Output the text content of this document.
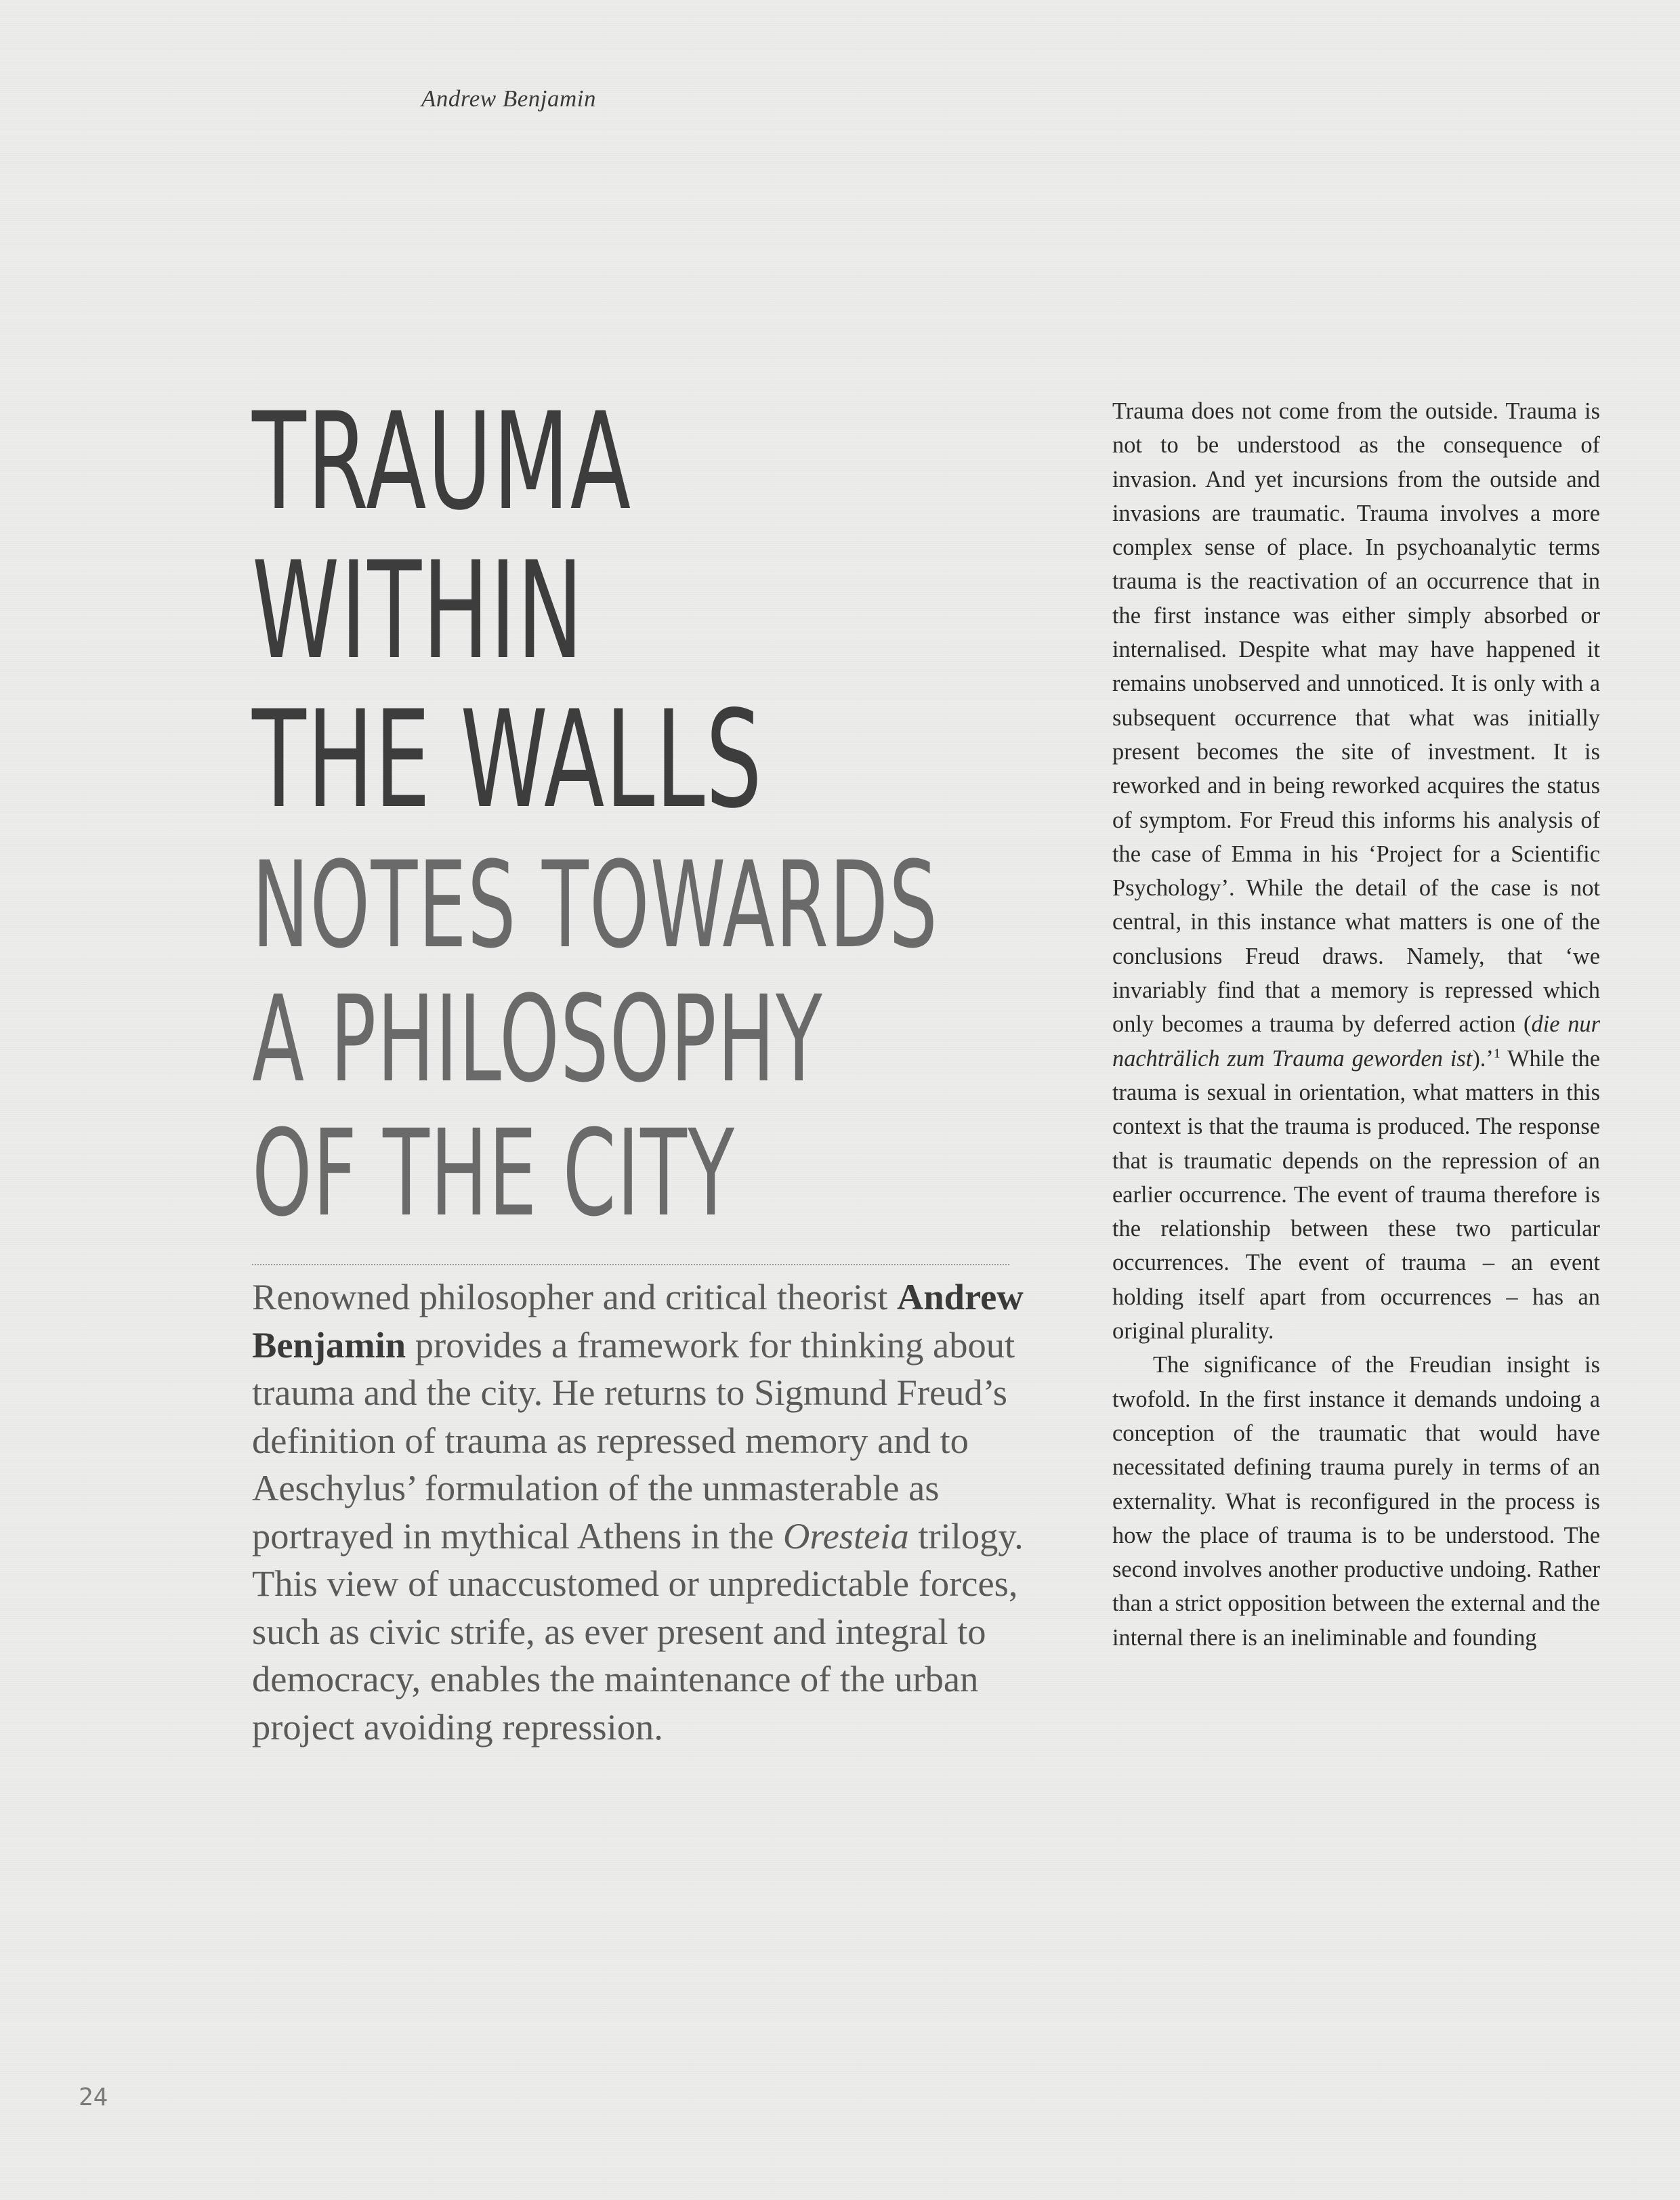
Andrew Benjamin
TRAUMA
WITHIN
THE WALLS
NOTES TOWARDS
A PHILOSOPHY
OF THE CITY

Renowned philosopher and critical theorist Andrew Benjamin provides a framework for thinking about trauma and the city. He returns to Sigmund Freud’s definition of trauma as repressed memory and to Aeschylus’ formulation of the unmasterable as portrayed in mythical Athens in the Oresteia trilogy. This view of unaccustomed or unpredictable forces, such as civic strife, as ever present and integral to democracy, enables the maintenance of the urban project avoiding repression.

Trauma does not come from the outside. Trauma is not to be understood as the consequence of invasion. And yet incursions from the outside and invasions are traumatic. Trauma involves a more complex sense of place. In psychoanalytic terms trauma is the reactivation of an occurrence that in the first instance was either simply absorbed or internalised. Despite what may have happened it remains unobserved and unnoticed. It is only with a subsequent occurrence that what was initially present becomes the site of investment. It is reworked and in being reworked acquires the status of symptom. For Freud this informs his analysis of the case of Emma in his ‘Project for a Scientific Psychology’. While the detail of the case is not central, in this instance what matters is one of the conclusions Freud draws. Namely, that ‘we invariably find that a memory is repressed which only becomes a trauma by deferred action (die nur nachträlich zum Trauma geworden ist).’$^1$ While the trauma is sexual in orientation, what matters in this context is that the trauma is produced. The response that is traumatic depends on the repression of an earlier occurrence. The event of trauma therefore is the relationship between these two particular occurrences. The event of trauma – an event holding itself apart from occurrences – has an original plurality.

The significance of the Freudian insight is twofold. In the first instance it demands undoing a conception of the traumatic that would have necessitated defining trauma purely in terms of an externality. What is reconfigured in the process is how the place of trauma is to be understood. The second involves another productive undoing. Rather than a strict opposition between the external and the internal there is an ineliminable and founding

24
